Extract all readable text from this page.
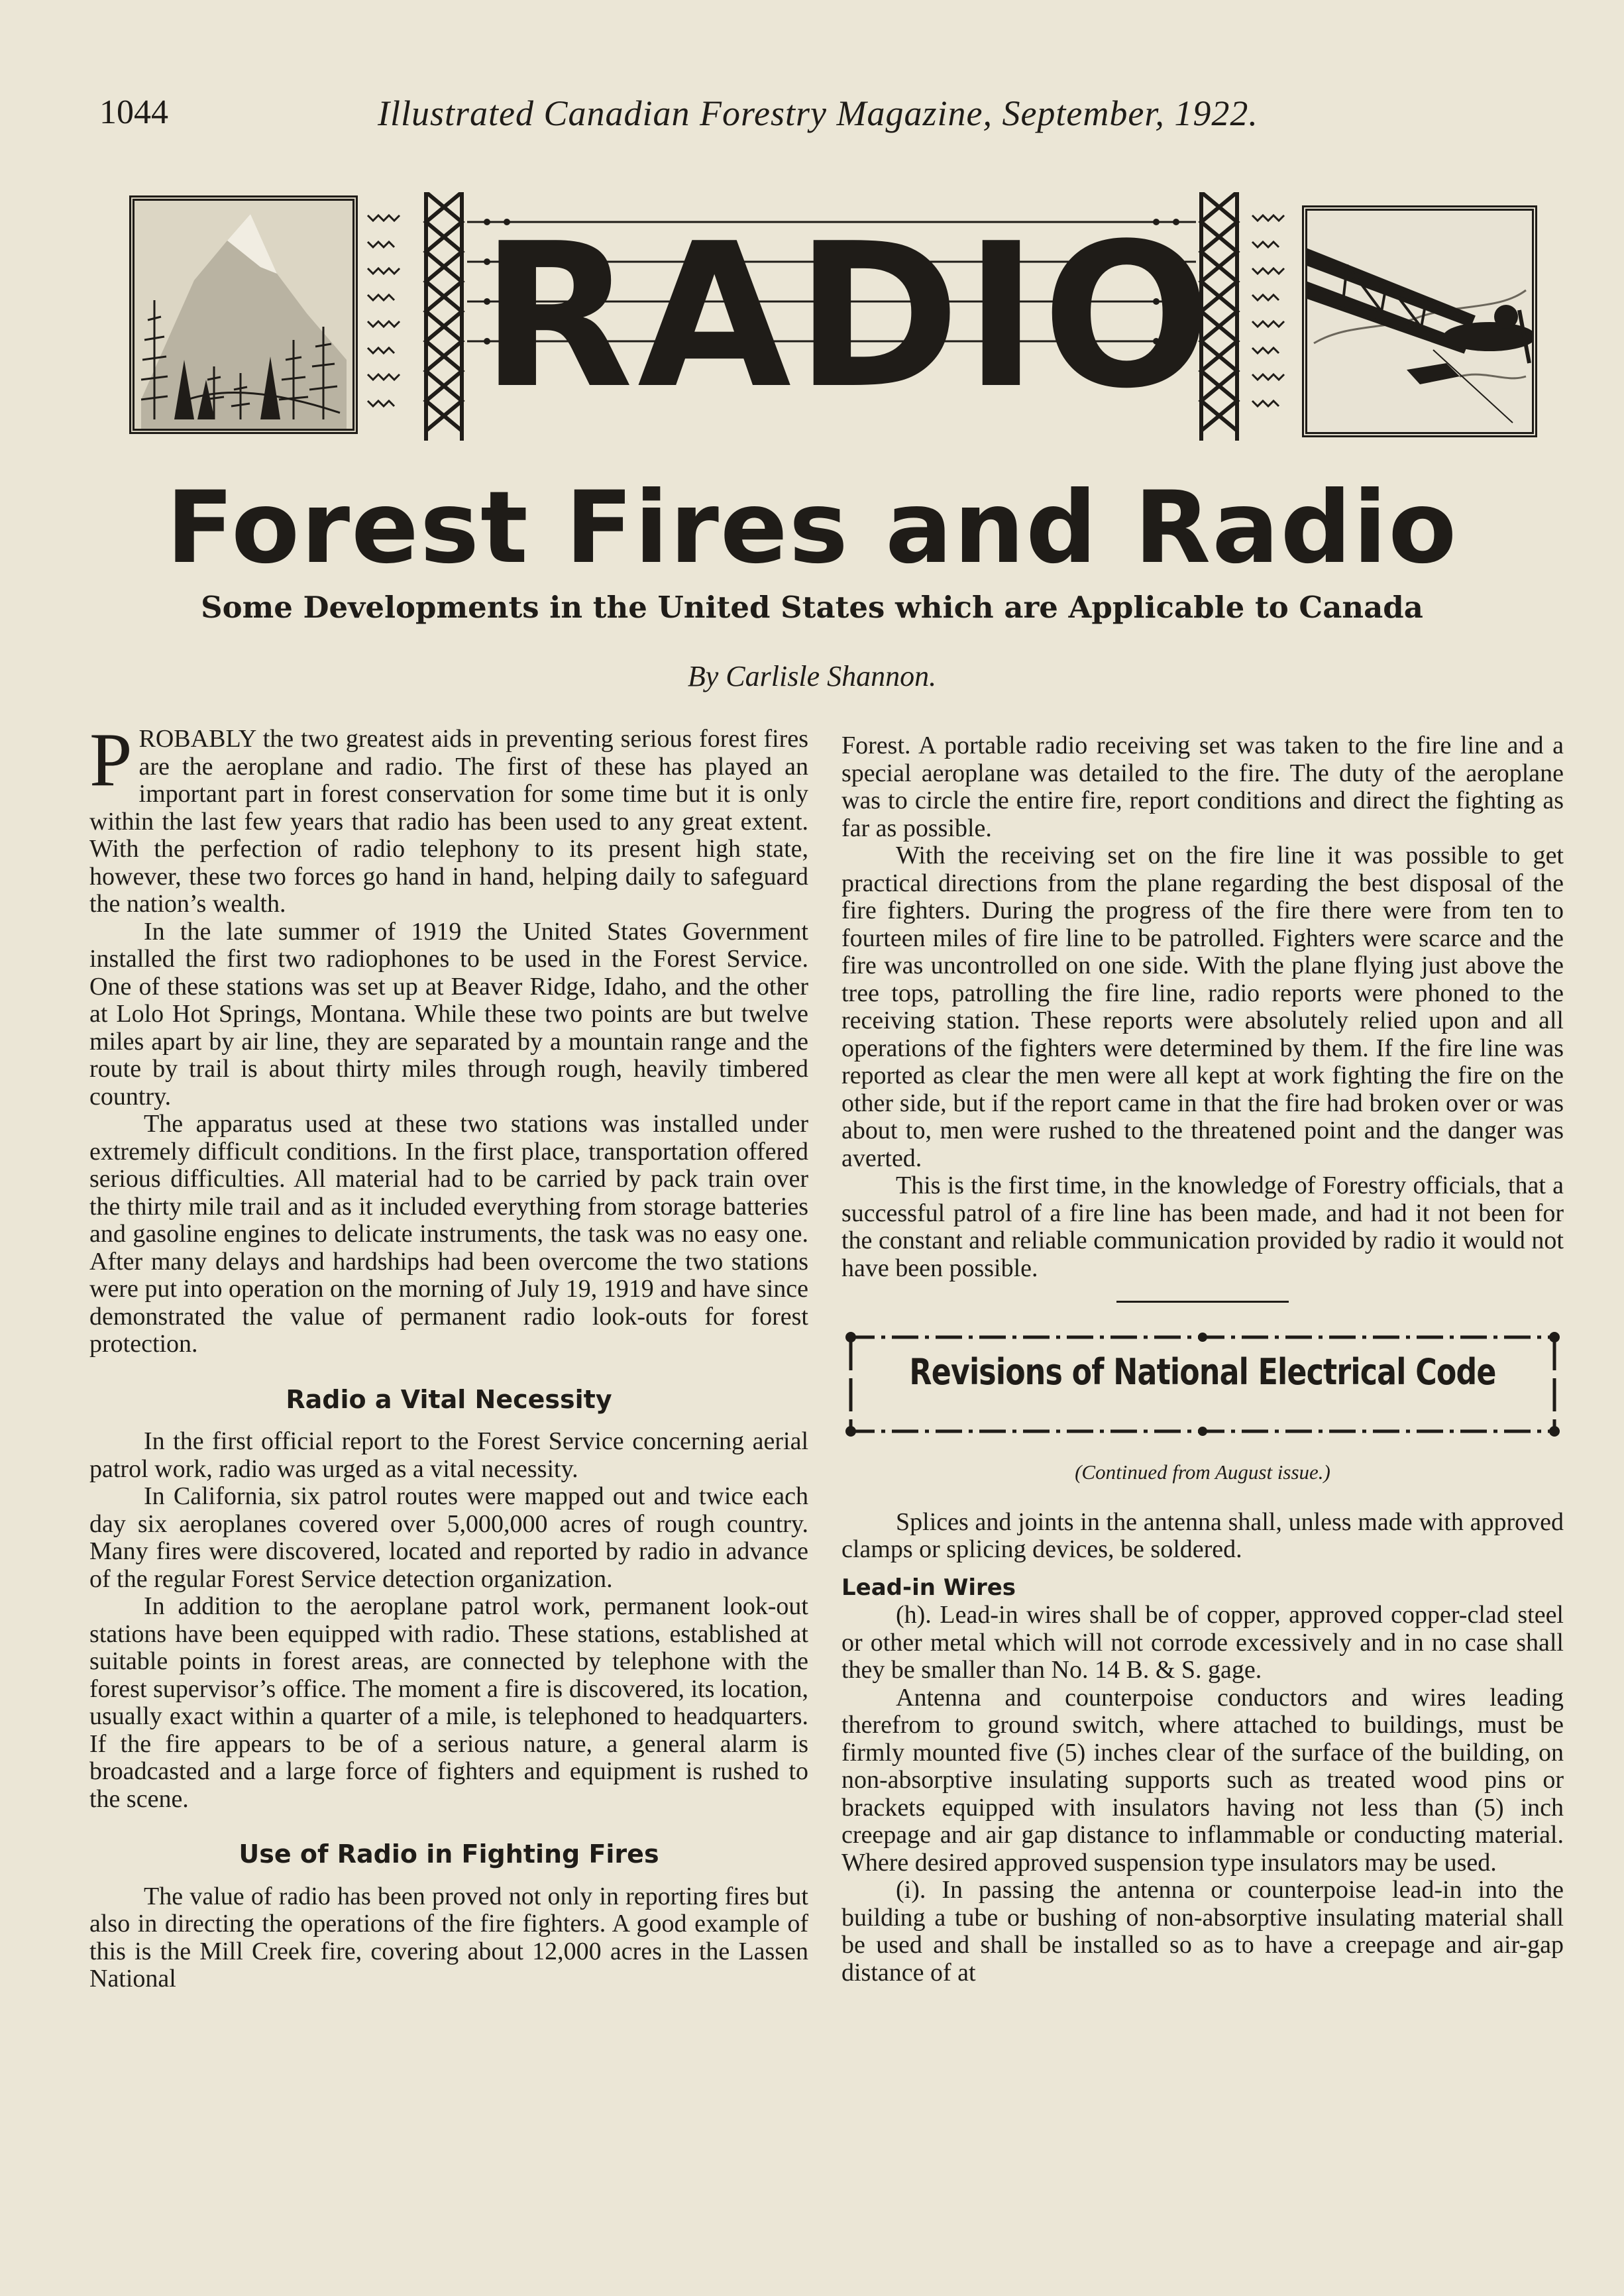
1044	Illustrated Canadian Forestry Magazine, September, 1922.
RADIO
Forest Fires and Radio
Some Developments in the United States which are Applicable to Canada
By Carlisle Shannon.

PROBABLY the two greatest aids in preventing serious forest fires are the aeroplane and radio. The first of these has played an important part in forest conservation for some time but it is only within the last few years that radio has been used to any great extent. With the perfection of radio telephony to its present high state, however, these two forces go hand in hand, helping daily to safeguard the nation’s wealth.

In the late summer of 1919 the United States Government installed the first two radiophones to be used in the Forest Service. One of these stations was set up at Beaver Ridge, Idaho, and the other at Lolo Hot Springs, Montana. While these two points are but twelve miles apart by air line, they are separated by a mountain range and the route by trail is about thirty miles through rough, heavily timbered country.

The apparatus used at these two stations was installed under extremely difficult conditions. In the first place, transportation offered serious difficulties. All material had to be carried by pack train over the thirty mile trail and as it included everything from storage batteries and gasoline engines to delicate instruments, the task was no easy one. After many delays and hardships had been overcome the two stations were put into operation on the morning of July 19, 1919 and have since demonstrated the value of permanent radio look-outs for forest protection.

Radio a Vital Necessity

In the first official report to the Forest Service concerning aerial patrol work, radio was urged as a vital necessity.

In California, six patrol routes were mapped out and twice each day six aeroplanes covered over 5,000,000 acres of rough country. Many fires were discovered, located and reported by radio in advance of the regular Forest Service detection organization.

In addition to the aeroplane patrol work, permanent look-out stations have been equipped with radio. These stations, established at suitable points in forest areas, are connected by telephone with the forest supervisor’s office. The moment a fire is discovered, its location, usually exact within a quarter of a mile, is telephoned to headquarters. If the fire appears to be of a serious nature, a general alarm is broadcasted and a large force of fighters and equipment is rushed to the scene.

Use of Radio in Fighting Fires

The value of radio has been proved not only in reporting fires but also in directing the operations of the fire fighters. A good example of this is the Mill Creek fire, covering about 12,000 acres in the Lassen National

Forest. A portable radio receiving set was taken to the fire line and a special aeroplane was detailed to the fire. The duty of the aeroplane was to circle the entire fire, report conditions and direct the fighting as far as possible.

With the receiving set on the fire line it was possible to get practical directions from the plane regarding the best disposal of the fire fighters. During the progress of the fire there were from ten to fourteen miles of fire line to be patrolled. Fighters were scarce and the fire was uncontrolled on one side. With the plane flying just above the tree tops, patrolling the fire line, radio reports were phoned to the receiving station. These reports were absolutely relied upon and all operations of the fighters were determined by them. If the fire line was reported as clear the men were all kept at work fighting the fire on the other side, but if the report came in that the fire had broken over or was about to, men were rushed to the threatened point and the danger was averted.

This is the first time, in the knowledge of Forestry officials, that a successful patrol of a fire line has been made, and had it not been for the constant and reliable communication provided by radio it would not have been possible.

Revisions of National Electrical Code
(Continued from August issue.)

Splices and joints in the antenna shall, unless made with approved clamps or splicing devices, be soldered.

Lead-in Wires

(h). Lead-in wires shall be of copper, approved copper-clad steel or other metal which will not corrode excessively and in no case shall they be smaller than No. 14 B. & S. gage.

Antenna and counterpoise conductors and wires leading therefrom to ground switch, where attached to buildings, must be firmly mounted five (5) inches clear of the surface of the building, on non-absorptive insulating supports such as treated wood pins or brackets equipped with insulators having not less than (5) inch creepage and air gap distance to inflammable or conducting material. Where desired approved suspension type insulators may be used.

(i). In passing the antenna or counterpoise lead-in into the building a tube or bushing of non-absorptive insulating material shall be used and shall be installed so as to have a creepage and air-gap distance of at
